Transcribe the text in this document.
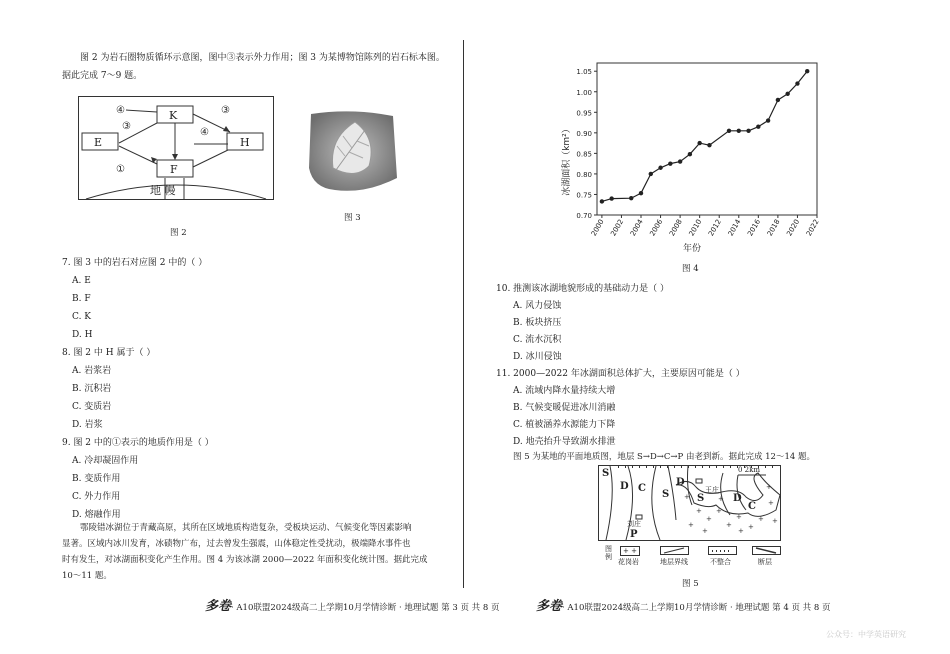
图 2 为岩石圈物质循环示意图，图中③表示外力作用；图 3 为某博物馆陈列的岩石标本图。
据此完成 7～9 题。
K
E	H
F
④
③
③
④
①
地 幔
图 2
图 3
7. 图 3 中的岩石对应图 2 中的（ ）
A. E
B. F
C. K
D. H
8. 图 2 中 H 属于（ ）
A. 岩浆岩
B. 沉积岩
C. 变质岩
D. 岩浆
9. 图 2 中的①表示的地质作用是（ ）
A. 冷却凝固作用
B. 变质作用
C. 外力作用
D. 熔融作用
鄂陵错冰湖位于青藏高原，其所在区域地质构造复杂，受板块运动、气候变化等因素影响
显著。区域内冰川发育，冰碛物广布，过去曾发生强震，山体稳定性受扰动，极端降水事件也
时有发生，对冰湖面积变化产生作用。图 4 为该冰湖 2000—2022 年面积变化统计图。据此完成
10～11 题。
多卷· A10联盟2024级高二上学期10月学情诊断 · 地理试题 第 3 页 共 8 页
0.70
0.75
0.80
0.85
0.90
0.95
1.00
1.05
2000 2002 2004 2006 2008 2010 2012 2014 2016 2018 2020 2022
冰湖面积（km²）
年份
图 4
10. 推测该冰湖地貌形成的基础动力是（ ）
A. 风力侵蚀
B. 板块挤压
C. 流水沉积
D. 冰川侵蚀
11. 2000—2022 年冰湖面积总体扩大，主要原因可能是（ ）
A. 流域内降水量持续大增
B. 气候变暖促进冰川消融
C. 植被涵养水源能力下降
D. 地壳抬升导致湖水排泄
图 5 为某地的平面地质图，地层 S→D→C→P 由老到新。据此完成 12～14 题。
+
+
+
+
+
+
+
+
+
+
+	+
+
+
+
S
D C
S
D
S	D
C
P
王庄
刘庄
0 2km
图例
+ +
花岗岩	地层界线	不整合	断层
图 5
多卷· A10联盟2024级高二上学期10月学情诊断 · 地理试题 第 4 页 共 8 页
公众号：中学英语研究
